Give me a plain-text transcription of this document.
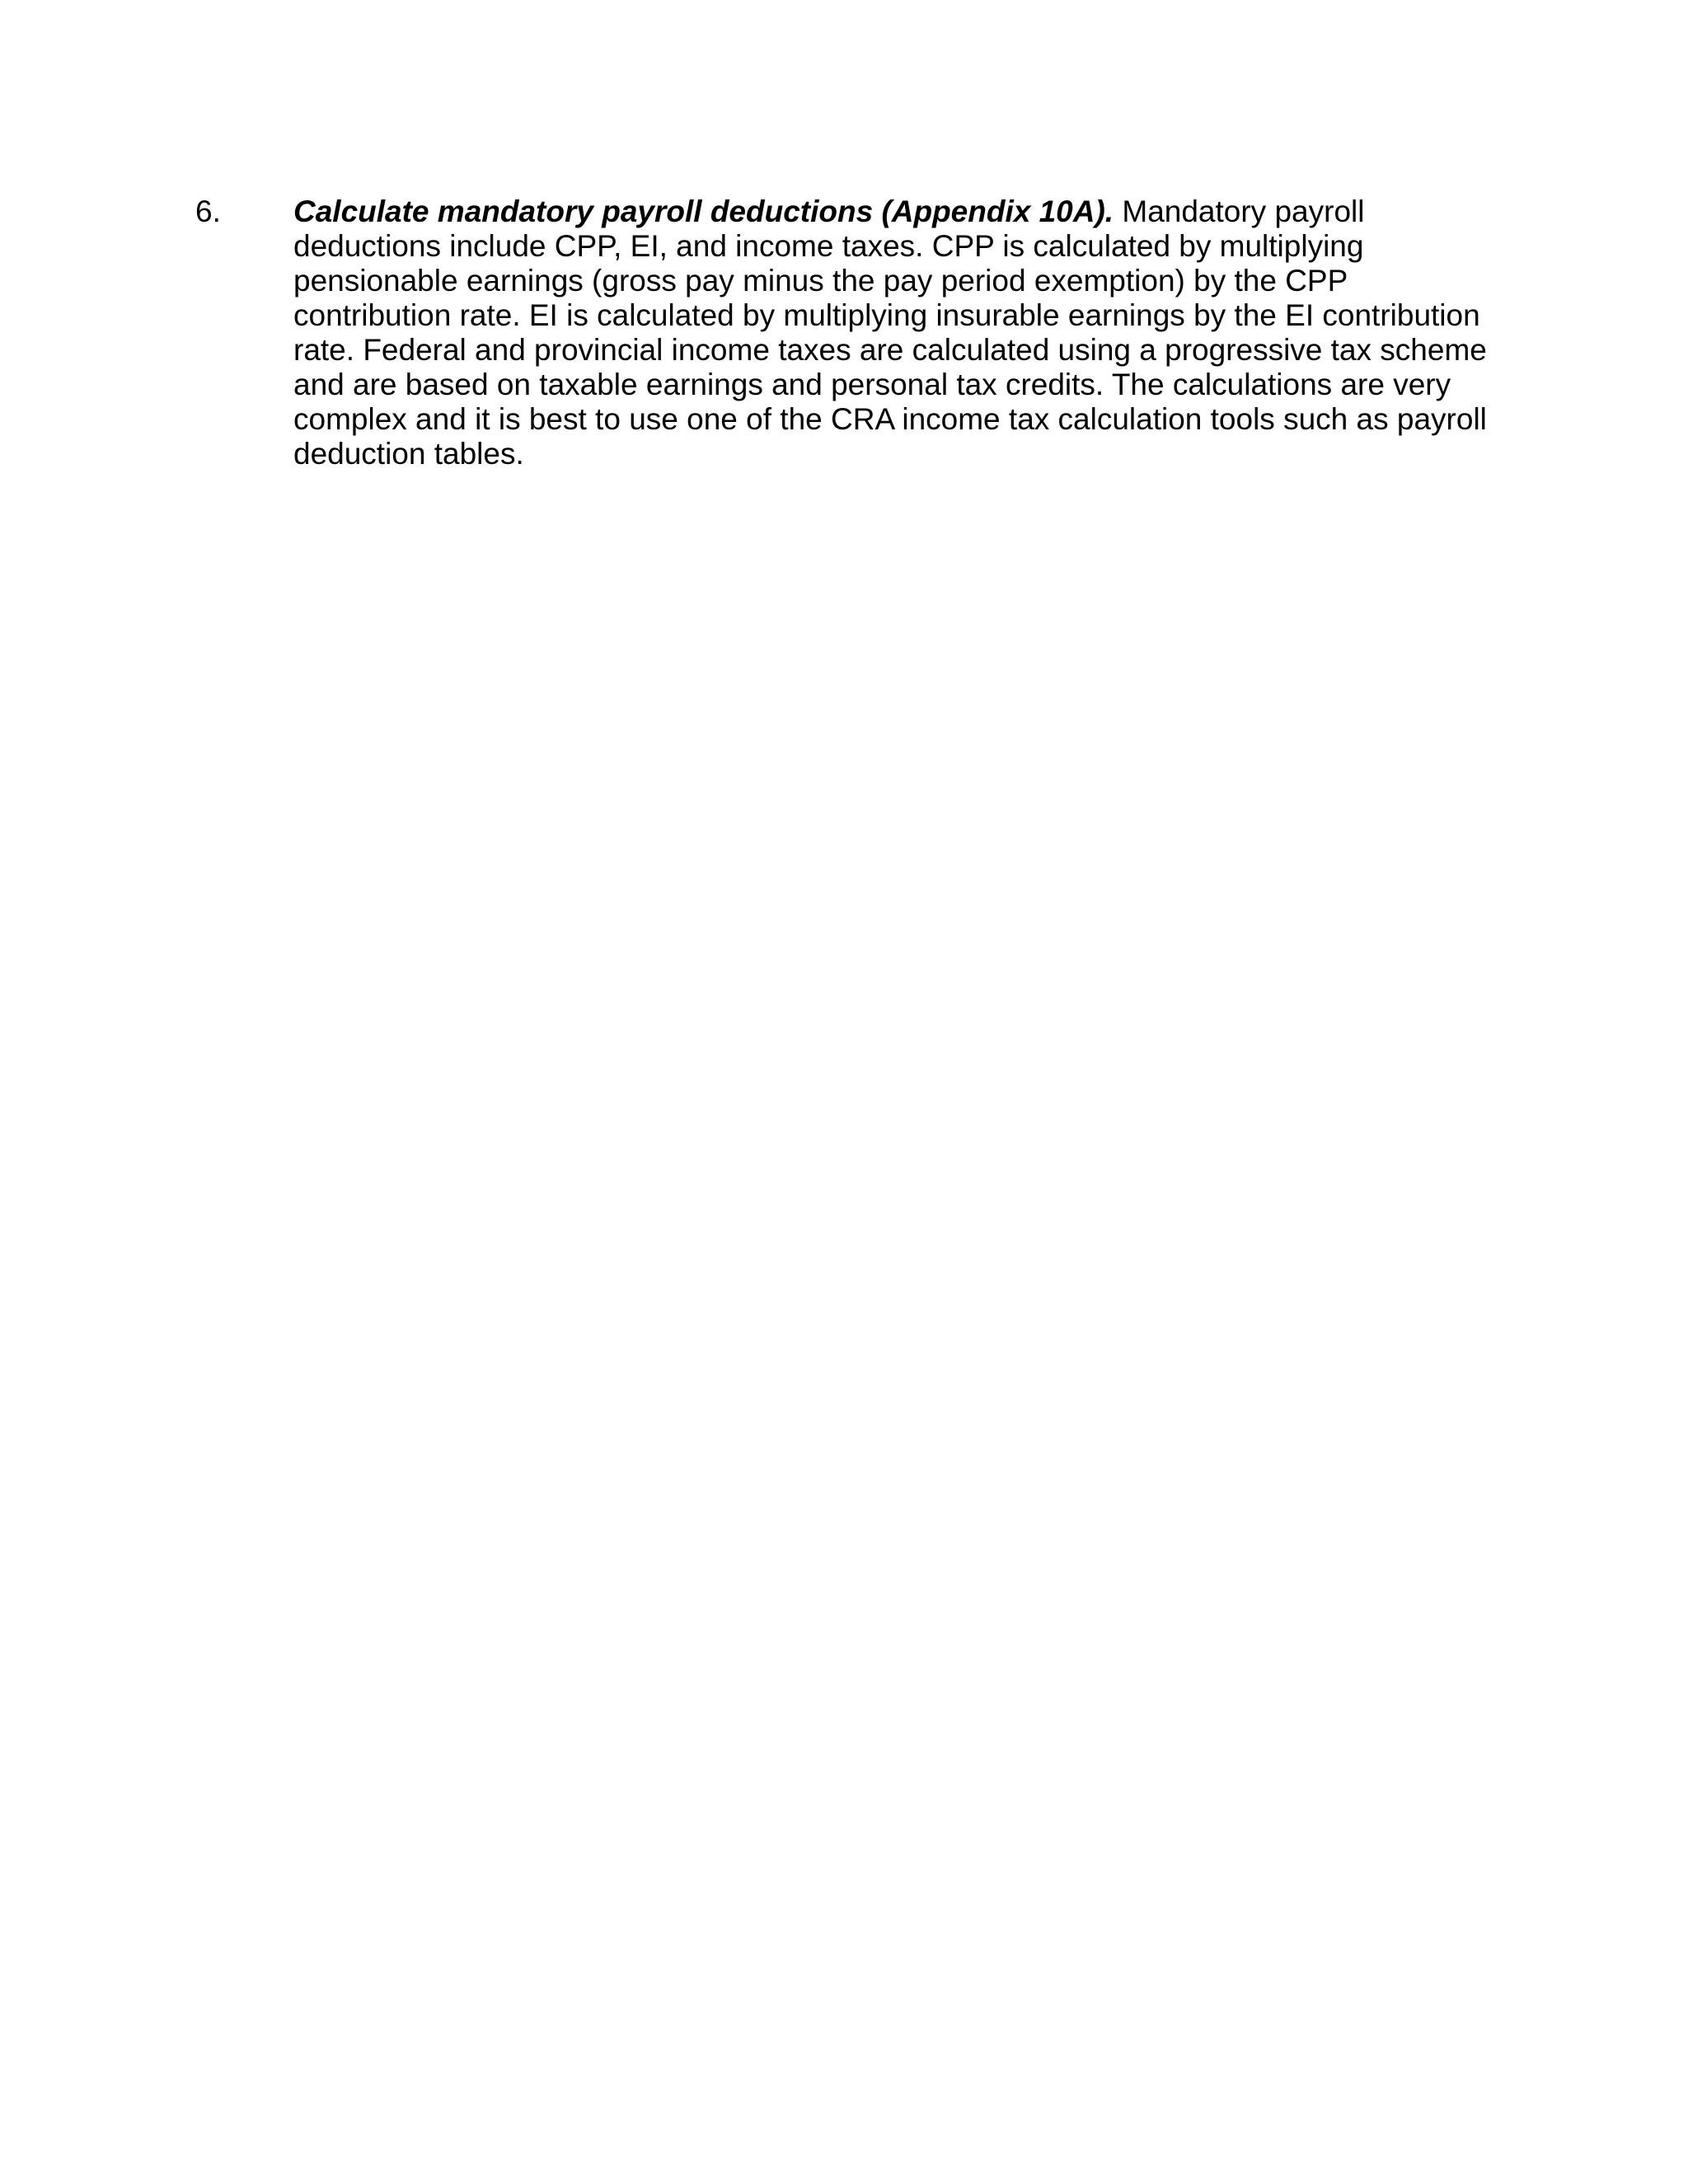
6. Calculate mandatory payroll deductions (Appendix 10A). Mandatory payroll
deductions include CPP, EI, and income taxes. CPP is calculated by multiplying
pensionable earnings (gross pay minus the pay period exemption) by the CPP
contribution rate. EI is calculated by multiplying insurable earnings by the EI contribution
rate. Federal and provincial income taxes are calculated using a progressive tax scheme
and are based on taxable earnings and personal tax credits. The calculations are very
complex and it is best to use one of the CRA income tax calculation tools such as payroll
deduction tables.
